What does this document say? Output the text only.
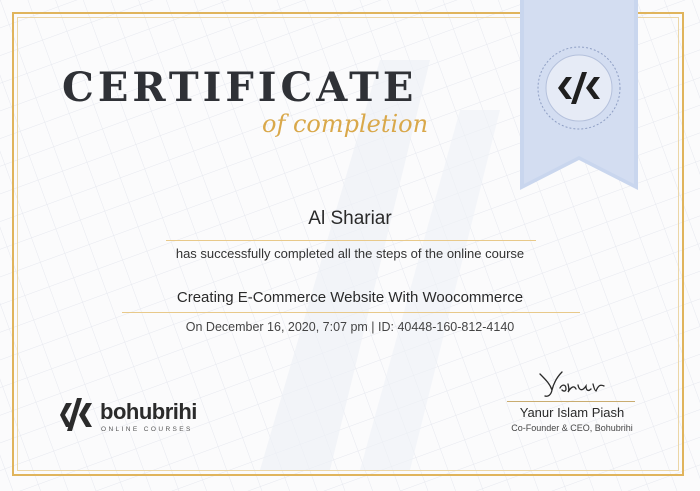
CERTIFICATE
of completion
Al Shariar
has successfully completed all the steps of the online course
Creating E-Commerce Website With Woocommerce
On December 16, 2020, 7:07 pm | ID: 40448-160-812-4140
bohubrihi
ONLINE COURSES
Yanur Islam Piash
Co-Founder & CEO, Bohubrihi
